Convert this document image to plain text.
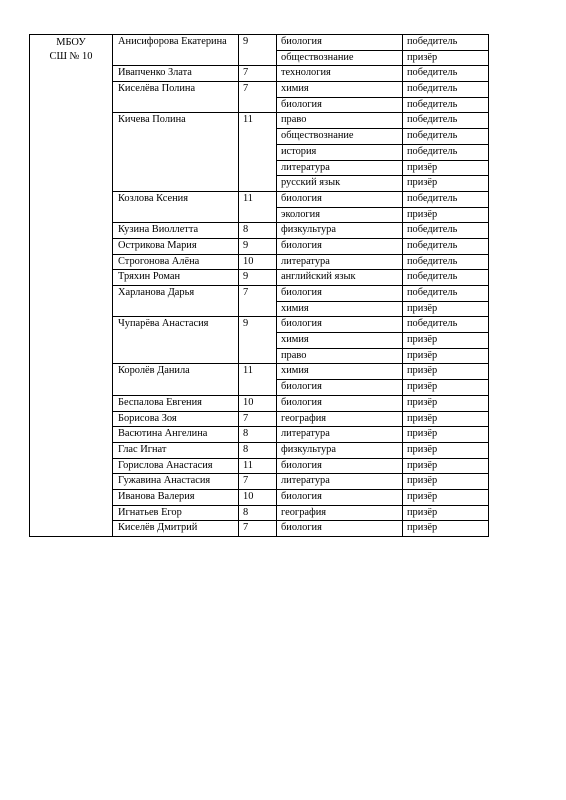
МБОУ
СШ № 10	Анисифорова Екатерина	9	биология	победитель
			обществознание	призёр
	Ивапченко Злата	7	технология	победитель
	Киселёва Полина	7	химия	победитель
			биология	победитель
	Кичева Полина	11	право	победитель
			обществознание	победитель
			история	победитель
			литература	призёр
			русский язык	призёр
	Козлова Ксения	11	биология	победитель
			экология	призёр
	Кузина Виоллетта	8	физкультура	победитель
	Острикова Мария	9	биология	победитель
	Строгонова Алёна	10	литература	победитель
	Тряхин Роман	9	английский язык	победитель
	Харланова Дарья	7	биология	победитель
			химия	призёр
	Чупарёва Анастасия	9	биология	победитель
			химия	призёр
			право	призёр
	Королёв Данила	11	химия	призёр
			биология	призёр
	Беспалова Евгения	10	биология	призёр
	Борисова Зоя	7	география	призёр
	Васютина Ангелина	8	литература	призёр
	Глас Игнат	8	физкультура	призёр
	Горислова Анастасия	11	биология	призёр
	Гужавина Анастасия	7	литература	призёр
	Иванова Валерия	10	биология	призёр
	Игнатьев Егор	8	география	призёр
	Киселёв Дмитрий	7	биология	призёр
